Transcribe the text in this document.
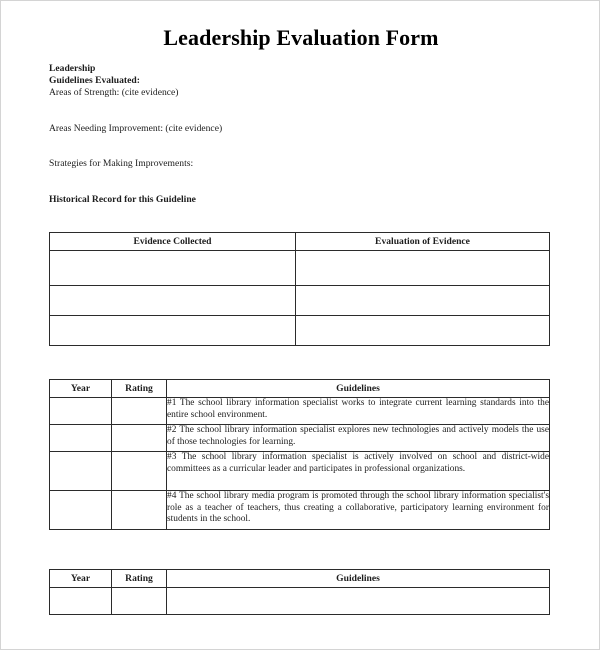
Leadership Evaluation Form
Leadership
Guidelines Evaluated:
Areas of Strength: (cite evidence)
Areas Needing Improvement: (cite evidence)
Strategies for Making Improvements:
Historical Record for this Guideline
Evidence Collected	Evaluation of Evidence

Year	Rating	Guidelines
		#1 The school library information specialist works to integrate current learning standards into the entire school environment.
		#2 The school library information specialist explores new technologies and actively models the use of those technologies for learning.
		#3 The school library information specialist is actively involved on school and district-wide committees as a curricular leader and participates in professional organizations.
		#4 The school library media program is promoted through the school library information specialist's role as a teacher of teachers, thus creating a collaborative, participatory learning environment for students in the school.
Year	Rating	Guidelines
